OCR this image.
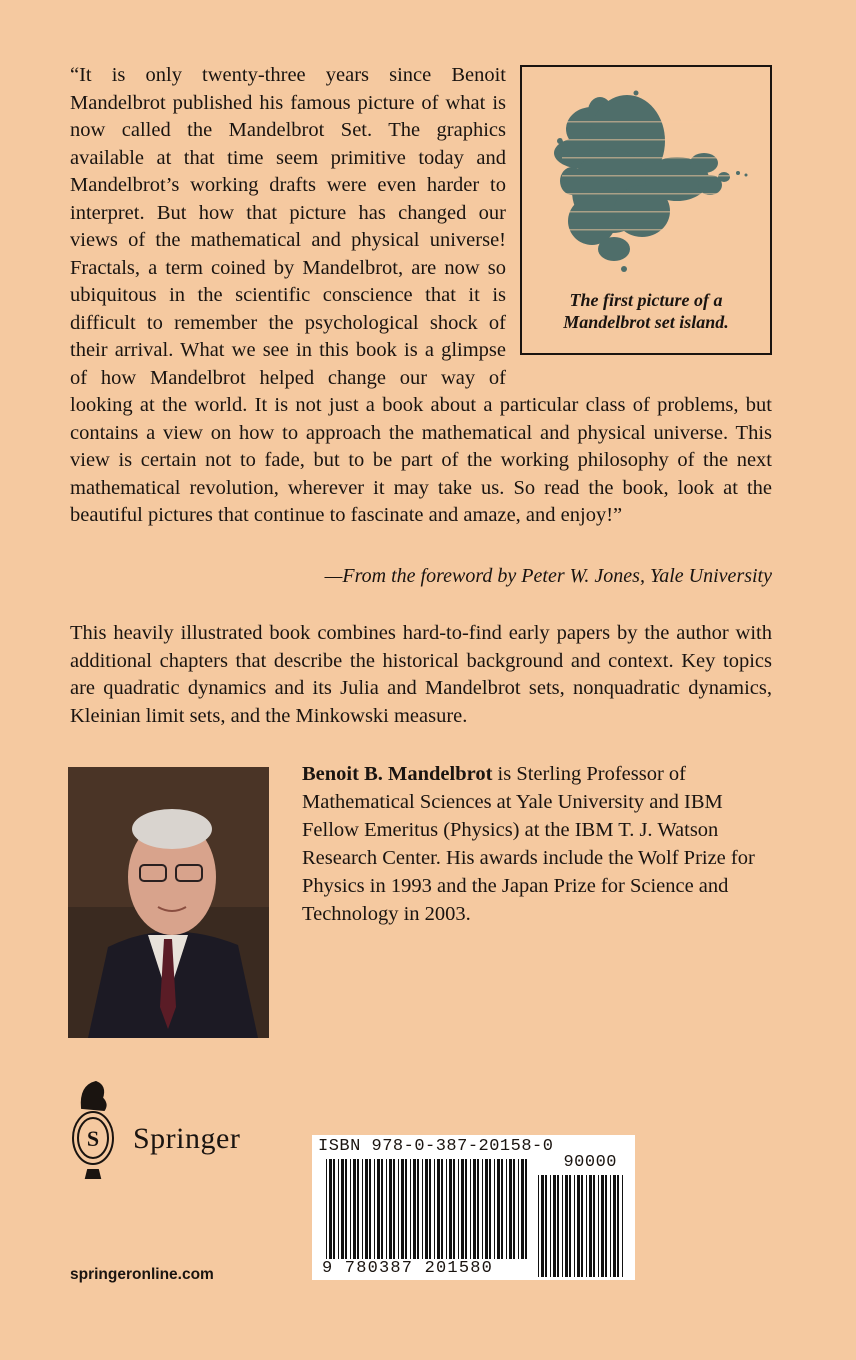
The first picture of a
Mandelbrot set island.
“It is only twenty-three years since Benoit Mandelbrot published his famous picture of what is now called the Mandelbrot Set. The graphics available at that time seem primitive today and Mandelbrot’s working drafts were even harder to interpret. But how that picture has changed our views of the mathematical and physical universe! Fractals, a term coined by Mandelbrot, are now so ubiquitous in the scientific conscience that it is difficult to remember the psychological shock of their arrival. What we see in this book is a glimpse of how Mandelbrot helped change our way of looking at the world. It is not just a book about a particular class of problems, but contains a view on how to approach the mathematical and physical universe. This view is certain not to fade, but to be part of the working philosophy of the next mathematical revolution, wherever it may take us. So read the book, look at the beautiful pictures that continue to fascinate and amaze, and enjoy!”
—From the foreword by Peter W. Jones, Yale University

This heavily illustrated book combines hard-to-find early papers by the author with additional chapters that describe the historical background and context. Key topics are quadratic dynamics and its Julia and Mandelbrot sets, nonquadratic dynamics, Kleinian limit sets, and the Minkowski measure.

Benoit B. Mandelbrot is Sterling Professor of Mathematical Sciences at Yale University and IBM Fellow Emeritus (Physics) at the IBM T. J. Watson Research Center. His awards include the Wolf Prize for Physics in 1993 and the Japan Prize for Science and Technology in 2003.

S Springer
springeronline.com
ISBN 978-0-387-20158-0
90000
9 780387 201580
